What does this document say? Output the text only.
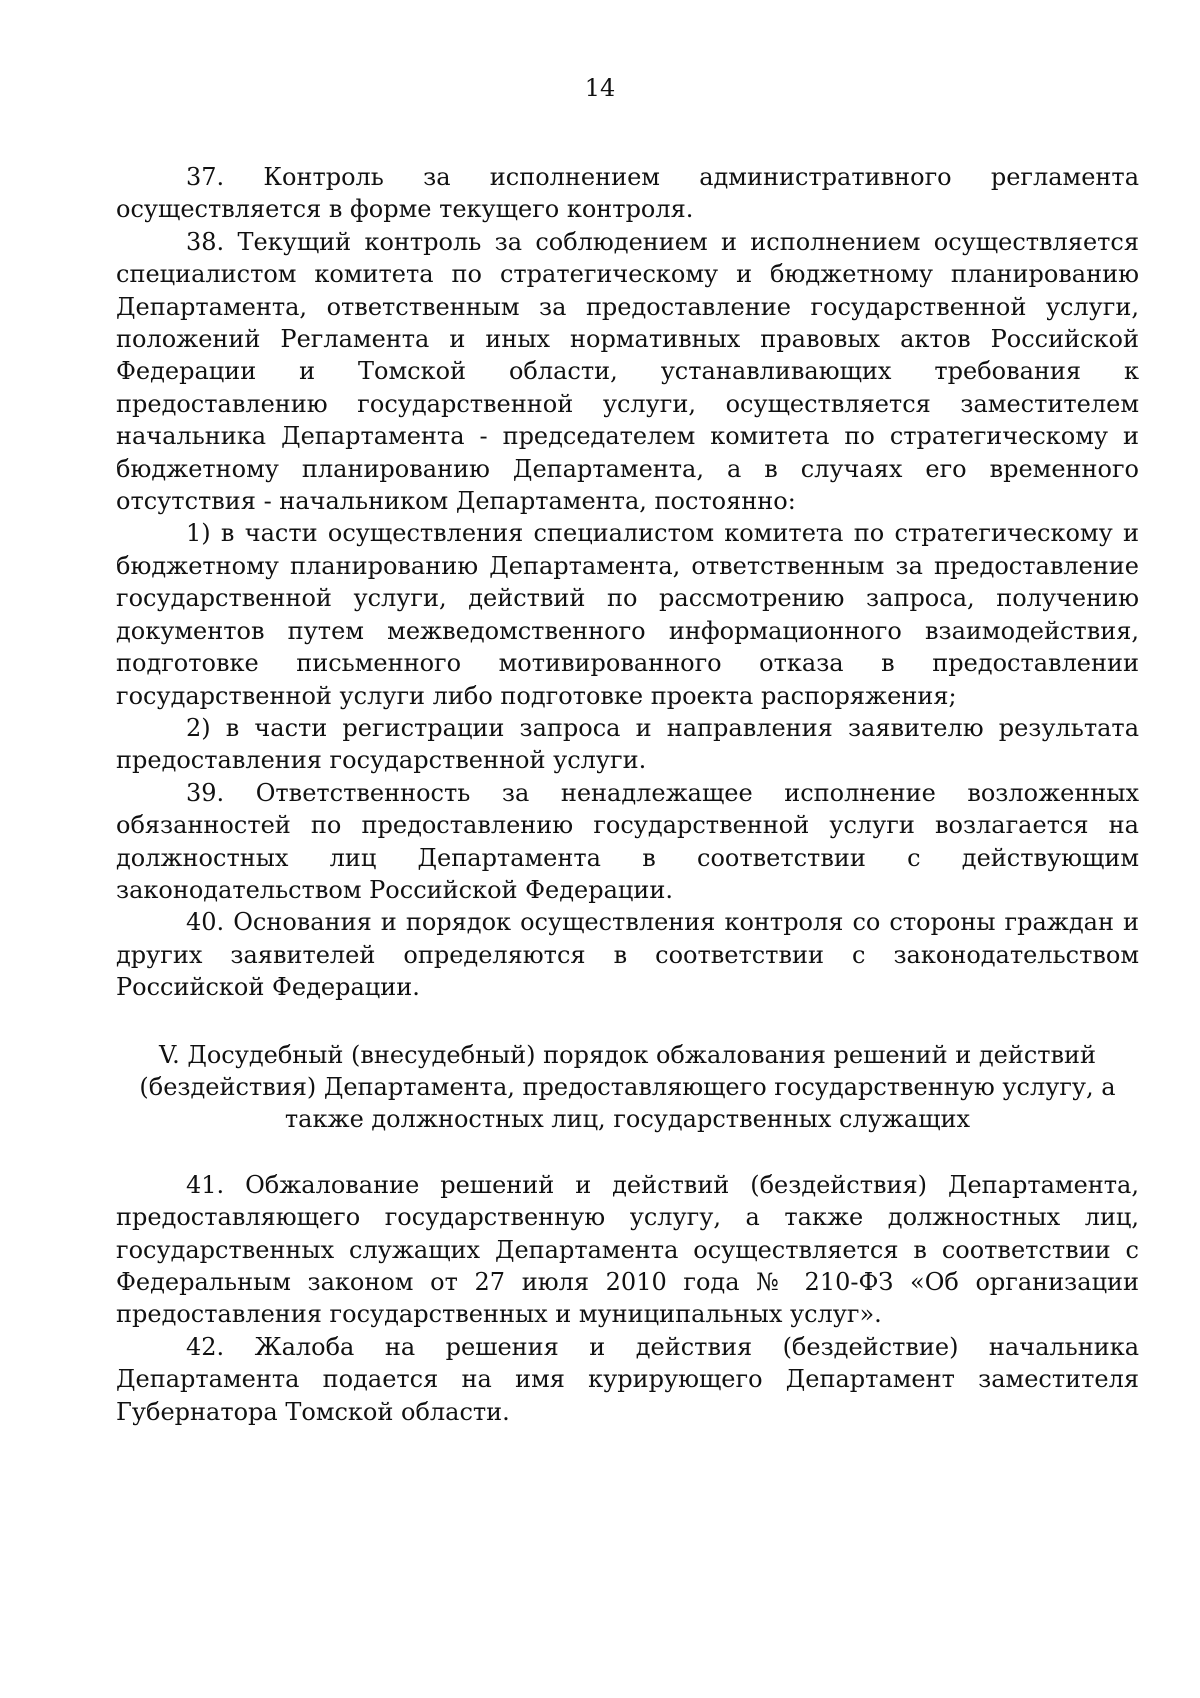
14

37. Контроль за исполнением административного регламента осуществляется в форме текущего контроля.

38. Текущий контроль за соблюдением и исполнением осуществляется специалистом комитета по стратегическому и бюджетному планированию Департамента, ответственным за предоставление государственной услуги, положений Регламента и иных нормативных правовых актов Российской Федерации и Томской области, устанавливающих требования к предоставлению государственной услуги, осуществляется заместителем начальника Департамента - председателем комитета по стратегическому и бюджетному планированию Департамента, а в случаях его временного отсутствия - начальником Департамента, постоянно:

1) в части осуществления специалистом комитета по стратегическому и бюджетному планированию Департамента, ответственным за предоставление государственной услуги, действий по рассмотрению запроса, получению документов путем межведомственного информационного взаимодействия, подготовке письменного мотивированного отказа в предоставлении государственной услуги либо подготовке проекта распоряжения;

2) в части регистрации запроса и направления заявителю результата предоставления государственной услуги.

39. Ответственность за ненадлежащее исполнение возложенных обязанностей по предоставлению государственной услуги возлагается на должностных лиц Департамента в соответствии с действующим законодательством Российской Федерации.

40. Основания и порядок осуществления контроля со стороны граждан и других заявителей определяются в соответствии с законодательством Российской Федерации.

V. Досудебный (внесудебный) порядок обжалования решений и действий (бездействия) Департамента, предоставляющего государственную услугу, а также должностных лиц, государственных служащих

41. Обжалование решений и действий (бездействия) Департамента, предоставляющего государственную услугу, а также должностных лиц, государственных служащих Департамента осуществляется в соответствии с Федеральным законом от 27 июля 2010 года № 210-ФЗ «Об организации предоставления государственных и муниципальных услуг».

42. Жалоба на решения и действия (бездействие) начальника Департамента подается на имя курирующего Департамент заместителя Губернатора Томской области.
